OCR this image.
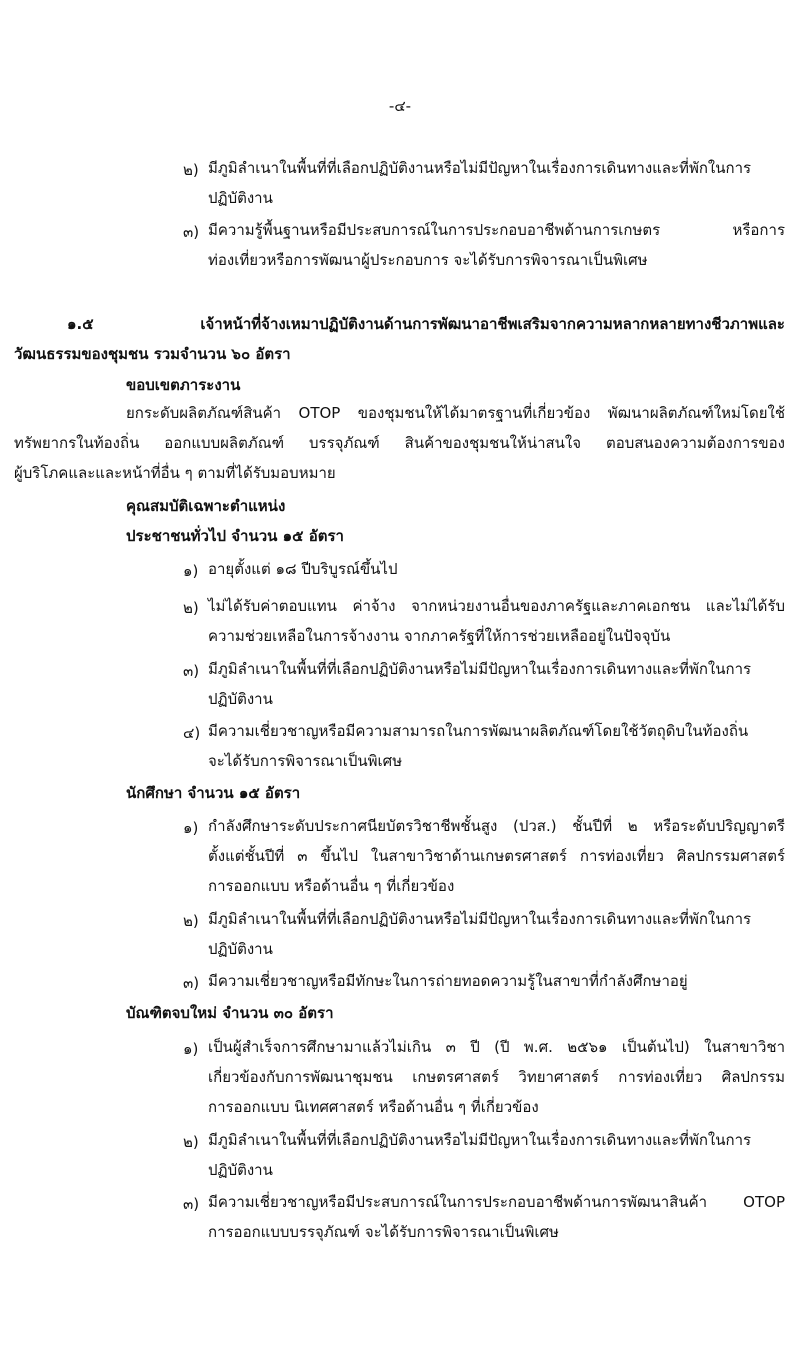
-๔-
๒) มีภูมิลำเนาในพื้นที่ที่เลือกปฏิบัติงานหรือไม่มีปัญหาในเรื่องการเดินทางและที่พักในการ
ปฏิบัติงาน
๓) มีความรู้พื้นฐานหรือมีประสบการณ์ในการประกอบอาชีพด้านการเกษตร หรือการ
ท่องเที่ยวหรือการพัฒนาผู้ประกอบการ จะได้รับการพิจารณาเป็นพิเศษ
๑.๕ เจ้าหน้าที่จ้างเหมาปฏิบัติงานด้านการพัฒนาอาชีพเสริมจากความหลากหลายทางชีวภาพและ
วัฒนธรรมของชุมชน รวมจำนวน ๖๐ อัตรา
ขอบเขตภาระงาน
ยกระดับผลิตภัณฑ์สินค้า OTOP ของชุมชนให้ได้มาตรฐานที่เกี่ยวข้อง พัฒนาผลิตภัณฑ์ใหม่โดยใช้
ทรัพยากรในท้องถิ่น ออกแบบผลิตภัณฑ์ บรรจุภัณฑ์ สินค้าของชุมชนให้น่าสนใจ ตอบสนองความต้องการของ
ผู้บริโภคและและหน้าที่อื่น ๆ ตามที่ได้รับมอบหมาย
คุณสมบัติเฉพาะตำแหน่ง
ประชาชนทั่วไป จำนวน ๑๕ อัตรา
๑) อายุตั้งแต่ ๑๘ ปีบริบูรณ์ขึ้นไป
๒) ไม่ได้รับค่าตอบแทน ค่าจ้าง จากหน่วยงานอื่นของภาครัฐและภาคเอกชน และไม่ได้รับ
ความช่วยเหลือในการจ้างงาน จากภาครัฐที่ให้การช่วยเหลืออยู่ในปัจจุบัน
๓) มีภูมิลำเนาในพื้นที่ที่เลือกปฏิบัติงานหรือไม่มีปัญหาในเรื่องการเดินทางและที่พักในการ
ปฏิบัติงาน
๔) มีความเชี่ยวชาญหรือมีความสามารถในการพัฒนาผลิตภัณฑ์โดยใช้วัตถุดิบในท้องถิ่น
จะได้รับการพิจารณาเป็นพิเศษ
นักศึกษา จำนวน ๑๕ อัตรา
๑) กำลังศึกษาระดับประกาศนียบัตรวิชาชีพชั้นสูง (ปวส.) ชั้นปีที่ ๒ หรือระดับปริญญาตรี
ตั้งแต่ชั้นปีที่ ๓ ขึ้นไป ในสาขาวิชาด้านเกษตรศาสตร์ การท่องเที่ยว ศิลปกรรมศาสตร์
การออกแบบ หรือด้านอื่น ๆ ที่เกี่ยวข้อง
๒) มีภูมิลำเนาในพื้นที่ที่เลือกปฏิบัติงานหรือไม่มีปัญหาในเรื่องการเดินทางและที่พักในการ
ปฏิบัติงาน
๓) มีความเชี่ยวชาญหรือมีทักษะในการถ่ายทอดความรู้ในสาขาที่กำลังศึกษาอยู่
บัณฑิตจบใหม่ จำนวน ๓๐ อัตรา
๑) เป็นผู้สำเร็จการศึกษามาแล้วไม่เกิน ๓ ปี (ปี พ.ศ. ๒๕๖๑ เป็นต้นไป) ในสาขาวิชา
เกี่ยวข้องกับการพัฒนาชุมชน เกษตรศาสตร์ วิทยาศาสตร์ การท่องเที่ยว ศิลปกรรม
การออกแบบ นิเทศศาสตร์ หรือด้านอื่น ๆ ที่เกี่ยวข้อง
๒) มีภูมิลำเนาในพื้นที่ที่เลือกปฏิบัติงานหรือไม่มีปัญหาในเรื่องการเดินทางและที่พักในการ
ปฏิบัติงาน
๓) มีความเชี่ยวชาญหรือมีประสบการณ์ในการประกอบอาชีพด้านการพัฒนาสินค้า OTOP
การออกแบบบรรจุภัณฑ์ จะได้รับการพิจารณาเป็นพิเศษ
